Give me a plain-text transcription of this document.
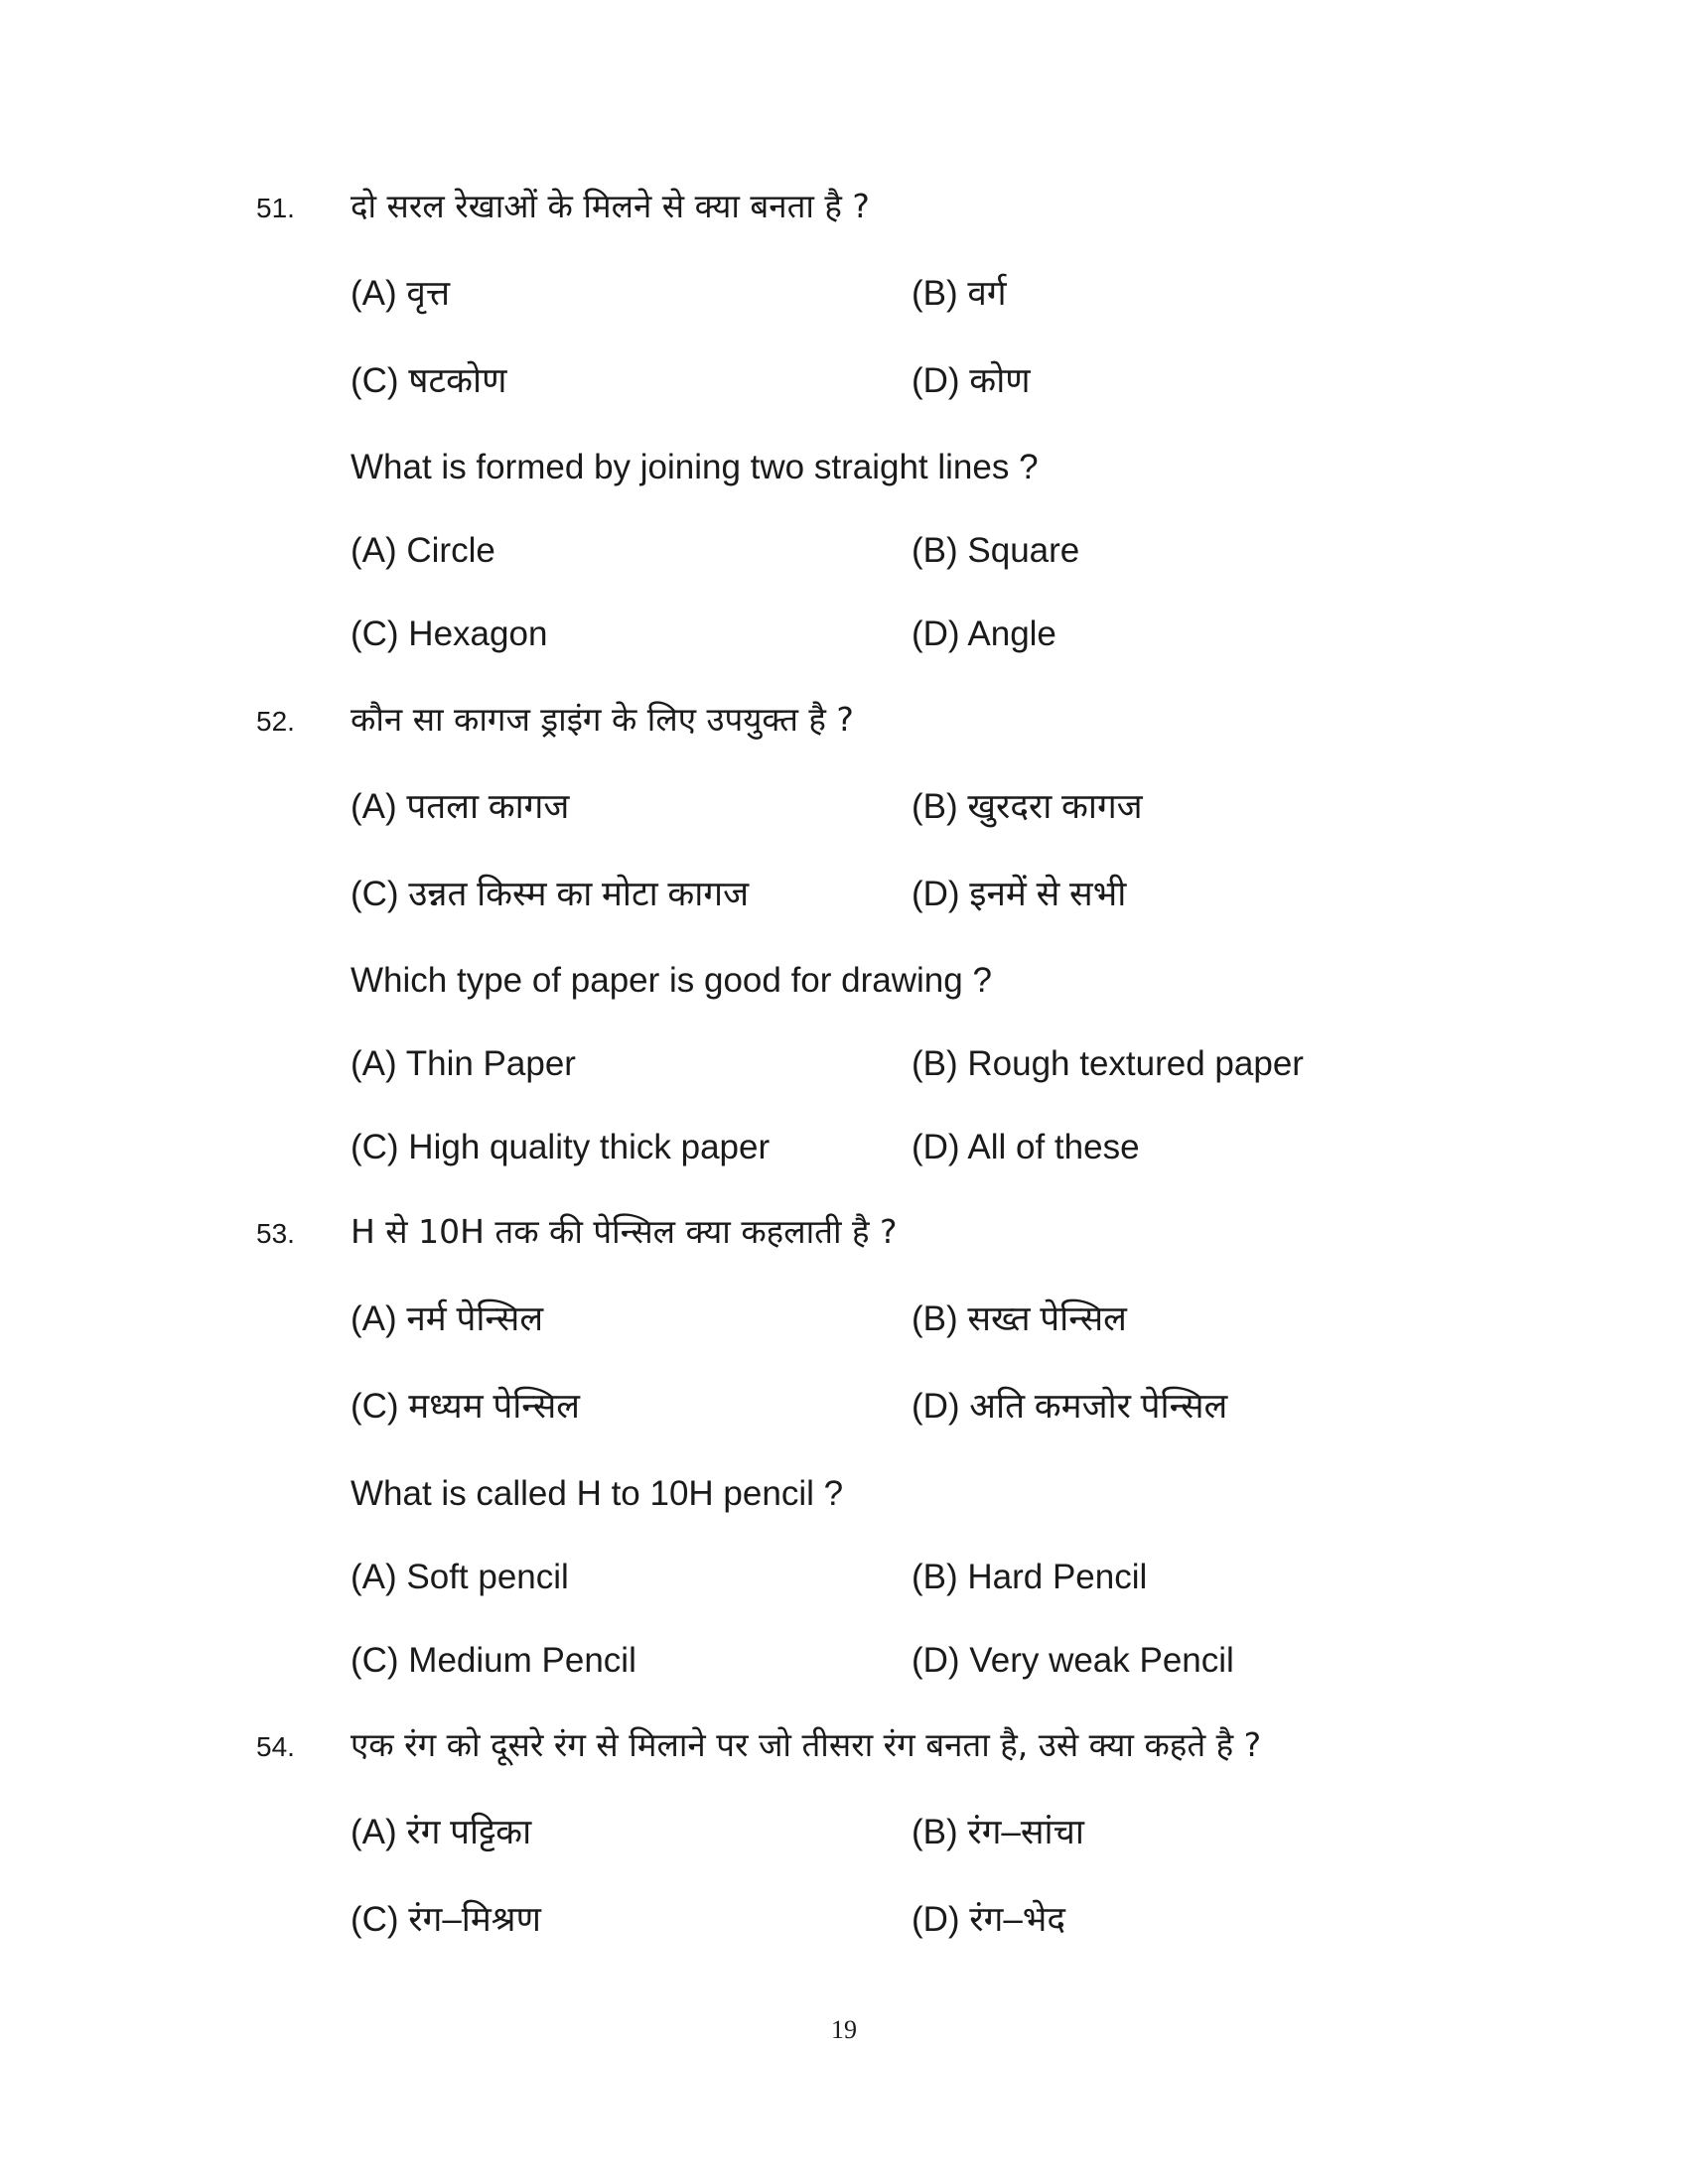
51. दो सरल रेखाओं के मिलने से क्या बनता है ?
(A) वृत्त	(B) वर्ग
(C) षटकोण	(D) कोण
What is formed by joining two straight lines ?
(A) Circle	(B) Square
(C) Hexagon	(D) Angle
52. कौन सा कागज ड्राइंग के लिए उपयुक्त है ?
(A) पतला कागज	(B) खुरदरा कागज
(C) उन्नत किस्म का मोटा कागज	(D) इनमें से सभी
Which type of paper is good for drawing ?
(A) Thin Paper	(B) Rough textured paper
(C) High quality thick paper	(D) All of these
53. H से 10H तक की पेन्सिल क्या कहलाती है ?
(A) नर्म पेन्सिल	(B) सख्त पेन्सिल
(C) मध्यम पेन्सिल	(D) अति कमजोर पेन्सिल
What is called H to 10H pencil ?
(A) Soft pencil	(B) Hard Pencil
(C) Medium Pencil	(D) Very weak Pencil
54. एक रंग को दूसरे रंग से मिलाने पर जो तीसरा रंग बनता है, उसे क्या कहते है ?
(A) रंग पट्टिका	(B) रंग–सांचा
(C) रंग–मिश्रण	(D) रंग–भेद
19
